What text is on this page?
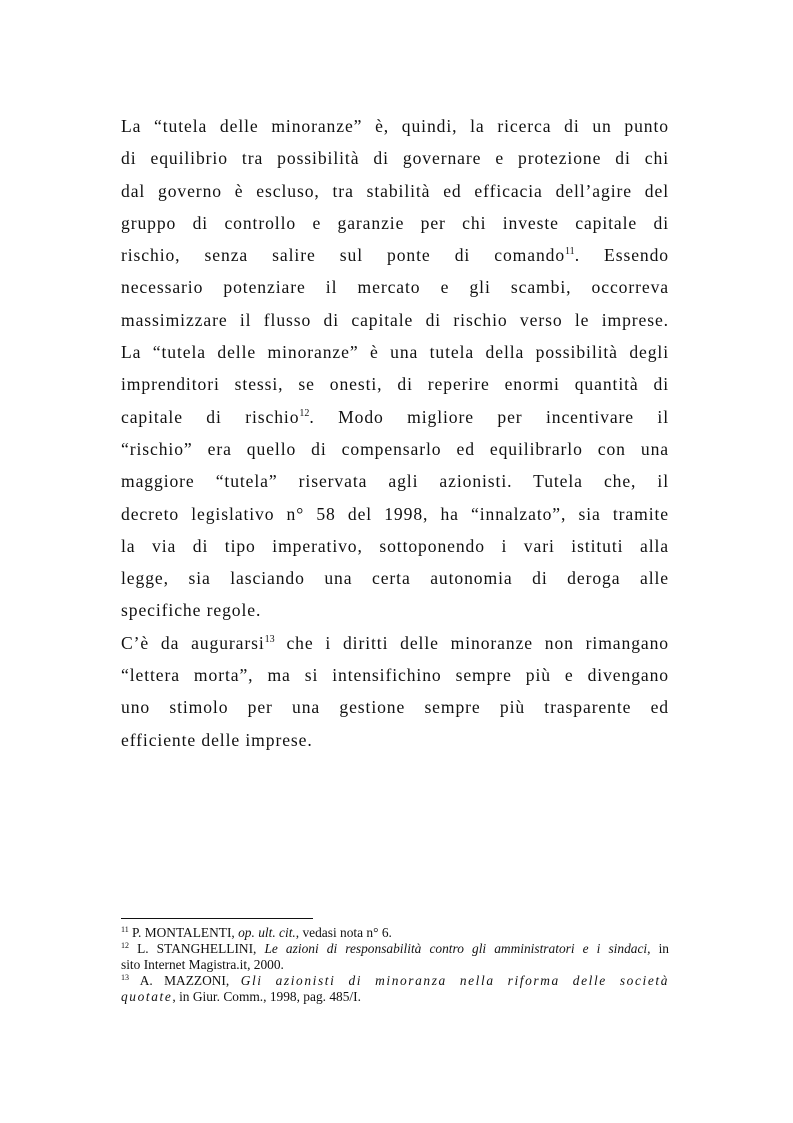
La “tutela delle minoranze” è, quindi, la ricerca di un punto
di equilibrio tra possibilità di governare e protezione di chi
dal governo è escluso, tra stabilità ed efficacia dell’agire del
gruppo di controllo e garanzie per chi investe capitale di
rischio, senza salire sul ponte di comando$^{11}$. Essendo
necessario potenziare il mercato e gli scambi, occorreva
massimizzare il flusso di capitale di rischio verso le imprese.
La “tutela delle minoranze” è una tutela della possibilità degli
imprenditori stessi, se onesti, di reperire enormi quantità di
capitale di rischio$^{12}$. Modo migliore per incentivare il
“rischio” era quello di compensarlo ed equilibrarlo con una
maggiore “tutela” riservata agli azionisti. Tutela che, il
decreto legislativo n° 58 del 1998, ha “innalzato”, sia tramite
la via di tipo imperativo, sottoponendo i vari istituti alla
legge, sia lasciando una certa autonomia di deroga alle
specifiche regole.
C’è da augurarsi$^{13}$ che i diritti delle minoranze non rimangano
“lettera morta”, ma si intensifichino sempre più e divengano
uno stimolo per una gestione sempre più trasparente ed
efficiente delle imprese.
$^{11}$ P. MONTALENTI, op. ult. cit., vedasi nota n° 6.
$^{12}$ L. STANGHELLINI, Le azioni di responsabilità contro gli amministratori e i sindaci, in
sito Internet Magistra.it, 2000.
$^{13}$ A. MAZZONI, Gli azionisti di minoranza nella riforma delle società
quotate, in Giur. Comm., 1998, pag. 485/I.
